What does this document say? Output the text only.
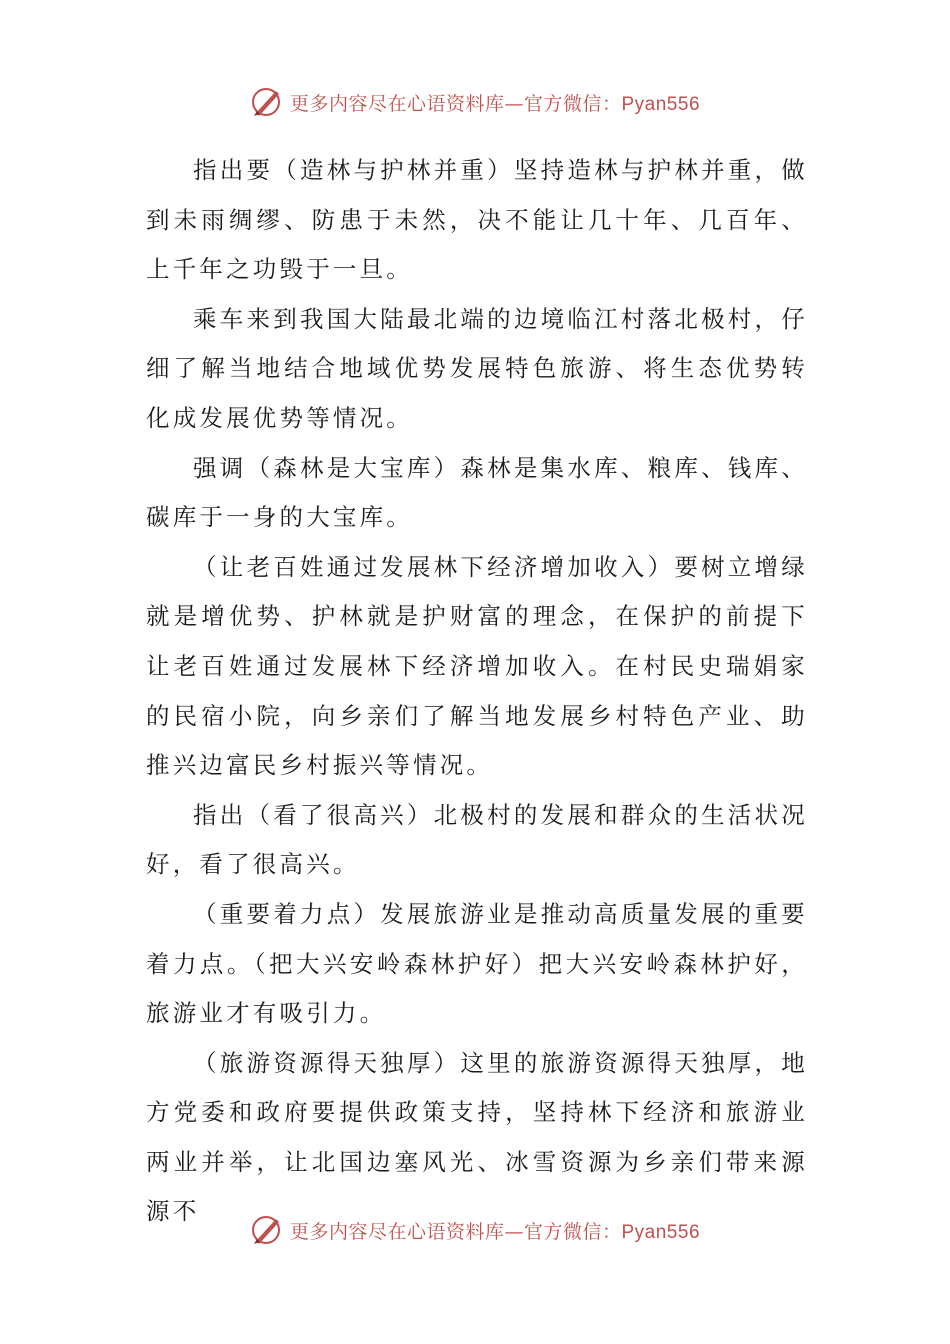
更多内容尽在心语资料库—官方微信：Pyan556

指出要（造林与护林并重）坚持造林与护林并重，做到未雨绸缪、防患于未然，决不能让几十年、几百年、上千年之功毁于一旦。

乘车来到我国大陆最北端的边境临江村落北极村，仔细了解当地结合地域优势发展特色旅游、将生态优势转化成发展优势等情况。

强调（森林是大宝库）森林是集水库、粮库、钱库、碳库于一身的大宝库。

（让老百姓通过发展林下经济增加收入）要树立增绿就是增优势、护林就是护财富的理念，在保护的前提下让老百姓通过发展林下经济增加收入。在村民史瑞娟家的民宿小院，向乡亲们了解当地发展乡村特色产业、助推兴边富民乡村振兴等情况。

指出（看了很高兴）北极村的发展和群众的生活状况好，看了很高兴。

（重要着力点）发展旅游业是推动高质量发展的重要着力点。（把大兴安岭森林护好）把大兴安岭森林护好，旅游业才有吸引力。

（旅游资源得天独厚）这里的旅游资源得天独厚，地方党委和政府要提供政策支持，坚持林下经济和旅游业两业并举，让北国边塞风光、冰雪资源为乡亲们带来源源不

更多内容尽在心语资料库—官方微信：Pyan556
